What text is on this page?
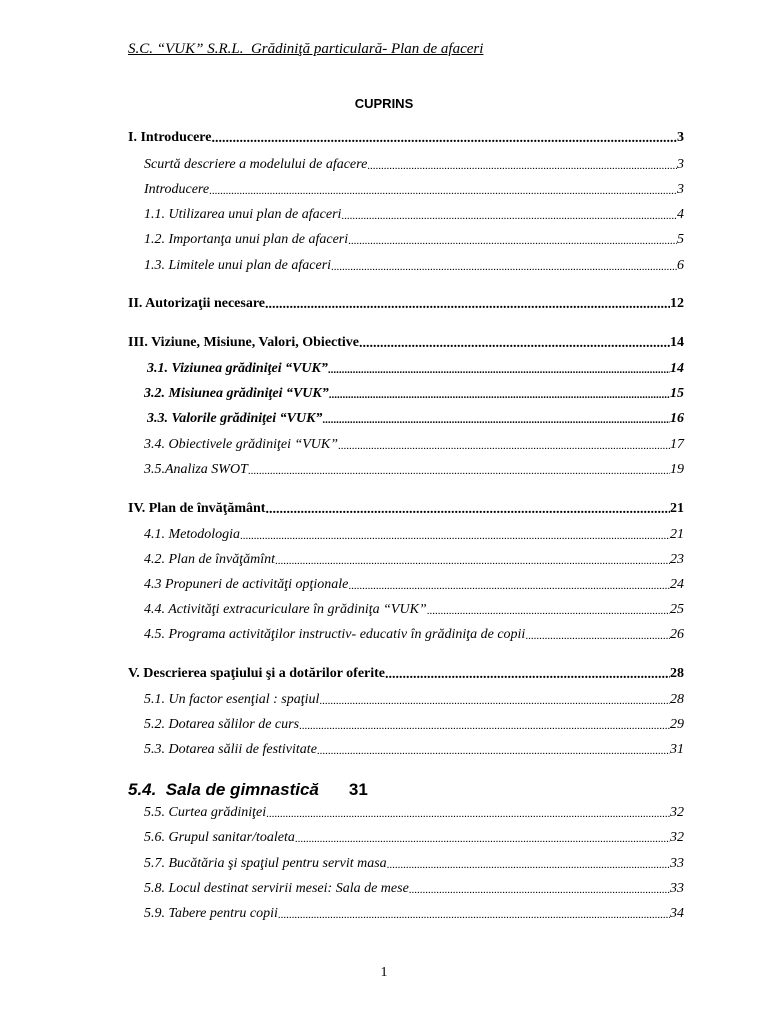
S.C. “VUK” S.R.L.  Grădiniţă particulară- Plan de afaceri
CUPRINS
I. Introducere .....	3
Scurtă descriere a modelului de afacere .....	3
Introducere .....	3
1.1. Utilizarea unui plan de afaceri .....	4
1.2. Importanţa unui plan de afaceri .....	5
1.3. Limitele unui plan de afaceri .....	6
II. Autorizaţii necesare .....	12
III. Viziune, Misiune, Valori, Obiective .....	14
3.1. Viziunea grădiniţei “VUK” .....	14
3.2. Misiunea grădiniţei “VUK” .....	15
3.3. Valorile grădiniţei “VUK” .....	16
3.4. Obiectivele grădiniţei “VUK” .....	17
3.5.Analiza SWOT .....	19
IV. Plan de învăţământ .....	21
4.1. Metodologia .....	21
4.2. Plan de învăţămînt .....	23
4.3 Propuneri de activităţi opţionale .....	24
4.4. Activităţi extracuriculare în grădiniţa “VUK” .....	25
4.5. Programa activităţilor instructiv- educativ în grădiniţa de copii .....	26
V. Descrierea spaţiului şi a dotărilor oferite .....	28
5.1. Un factor esenţial : spaţiul .....	28
5.2. Dotarea sălilor de curs .....	29
5.3. Dotarea sălii de festivitate .....	31
5.4.  Sala de gimnastică 31
5.5. Curtea grădiniţei .....	32
5.6. Grupul sanitar/toaleta .....	32
5.7. Bucătăria şi spaţiul pentru servit masa .....	33
5.8. Locul destinat servirii mesei: Sala de mese .....	33
5.9. Tabere pentru copii .....	34
1
